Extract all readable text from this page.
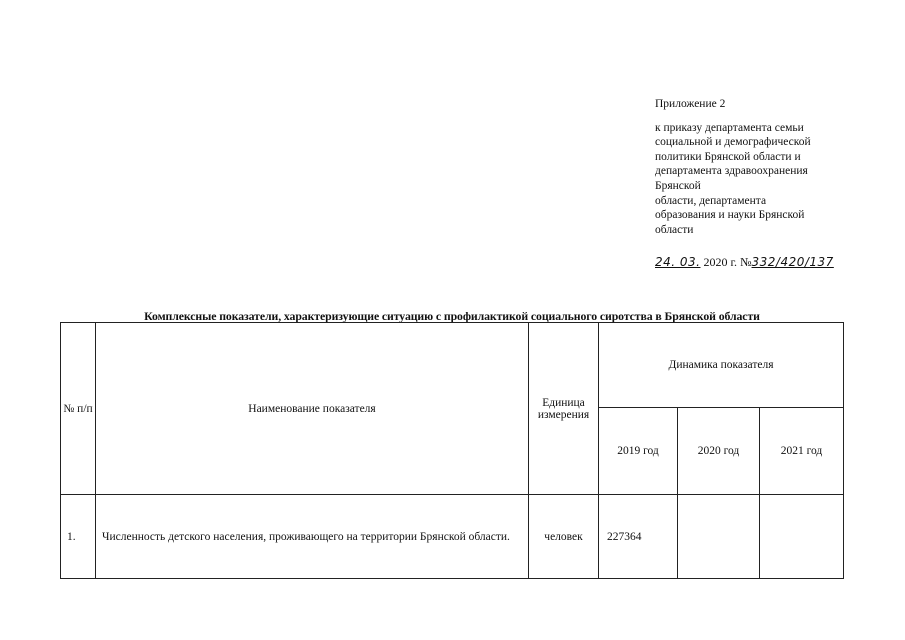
Приложение 2
к приказу департамента семьи
социальной и демографической
политики Брянской области и
департамента здравоохранения
Брянской
области, департамента
образования и науки Брянской
области
24. 03. 2020 г. №332/420/137
Комплексные показатели, характеризующие ситуацию с профилактикой социального сиротства в Брянской области
№ п/п	Наименование показателя	Единица измерения	Динамика показателя		
			2019 год	2020 год	2021 год
1.	Численность детского населения, проживающего на территории Брянской области.	человек	227364		
